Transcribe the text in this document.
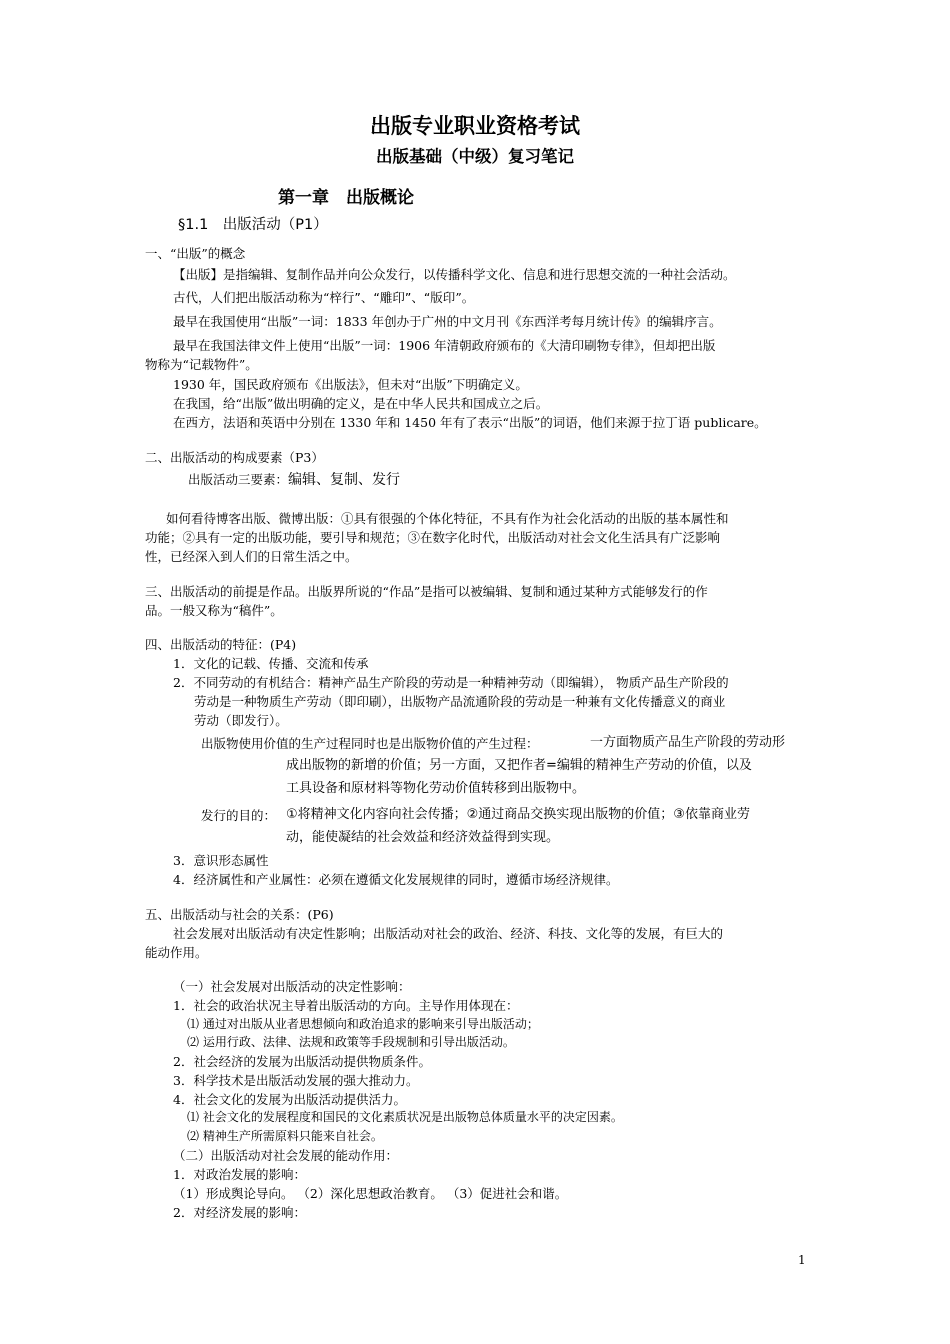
出版专业职业资格考试
出版基础（中级）复习笔记
第一章　出版概论
§1.1　出版活动（P1）
一、“出版”的概念
【出版】是指编辑、复制作品并向公众发行，以传播科学文化、信息和进行思想交流的一种社会活动。
古代，人们把出版活动称为“梓行”、“雕印”、“版印”。
最早在我国使用“出版”一词：1833 年创办于广州的中文月刊《东西洋考每月统计传》的编辑序言。
最早在我国法律文件上使用“出版”一词：1906 年清朝政府颁布的《大清印刷物专律》，但却把出版
物称为“记载物件”。
1930 年，国民政府颁布《出版法》，但未对“出版”下明确定义。
在我国，给“出版”做出明确的定义，是在中华人民共和国成立之后。
在西方，法语和英语中分别在 1330 年和 1450 年有了表示“出版”的词语，他们来源于拉丁语 publicare。
二、出版活动的构成要素（P3）
出版活动三要素：编辑、复制、发行
如何看待博客出版、微博出版：①具有很强的个体化特征，不具有作为社会化活动的出版的基本属性和
功能；②具有一定的出版功能，要引导和规范；③在数字化时代，出版活动对社会文化生活具有广泛影响
性，已经深入到人们的日常生活之中。
三、出版活动的前提是作品。出版界所说的“作品”是指可以被编辑、复制和通过某种方式能够发行的作
品。一般又称为“稿件”。
四、出版活动的特征：(P4)
1．文化的记载、传播、交流和传承
2．不同劳动的有机结合：精神产品生产阶段的劳动是一种精神劳动（即编辑）， 物质产品生产阶段的
劳动是一种物质生产劳动（即印刷），出版物产品流通阶段的劳动是一种兼有文化传播意义的商业
劳动（即发行）。
出版物使用价值的生产过程同时也是出版物价值的产生过程：	一方面物质产品生产阶段的劳动形
成出版物的新增的价值；另一方面，又把作者=编辑的精神生产劳动的价值，以及
工具设备和原材料等物化劳动价值转移到出版物中。
发行的目的： ①将精神文化内容向社会传播；②通过商品交换实现出版物的价值；③依靠商业劳
动，能使凝结的社会效益和经济效益得到实现。
3．意识形态属性
4．经济属性和产业属性：必须在遵循文化发展规律的同时，遵循市场经济规律。
五、出版活动与社会的关系：(P6)
社会发展对出版活动有决定性影响；出版活动对社会的政治、经济、科技、文化等的发展，有巨大的
能动作用。
（一）社会发展对出版活动的决定性影响：
1．社会的政治状况主导着出版活动的方向。主导作用体现在：
⑴ 通过对出版从业者思想倾向和政治追求的影响来引导出版活动；
⑵ 运用行政、法律、法规和政策等手段规制和引导出版活动。
2．社会经济的发展为出版活动提供物质条件。
3．科学技术是出版活动发展的强大推动力。
4．社会文化的发展为出版活动提供活力。
⑴ 社会文化的发展程度和国民的文化素质状况是出版物总体质量水平的决定因素。
⑵ 精神生产所需原料只能来自社会。
（二）出版活动对社会发展的能动作用：
1．对政治发展的影响：
（1）形成舆论导向。 （2）深化思想政治教育。 （3）促进社会和谐。
2．对经济发展的影响：
1
